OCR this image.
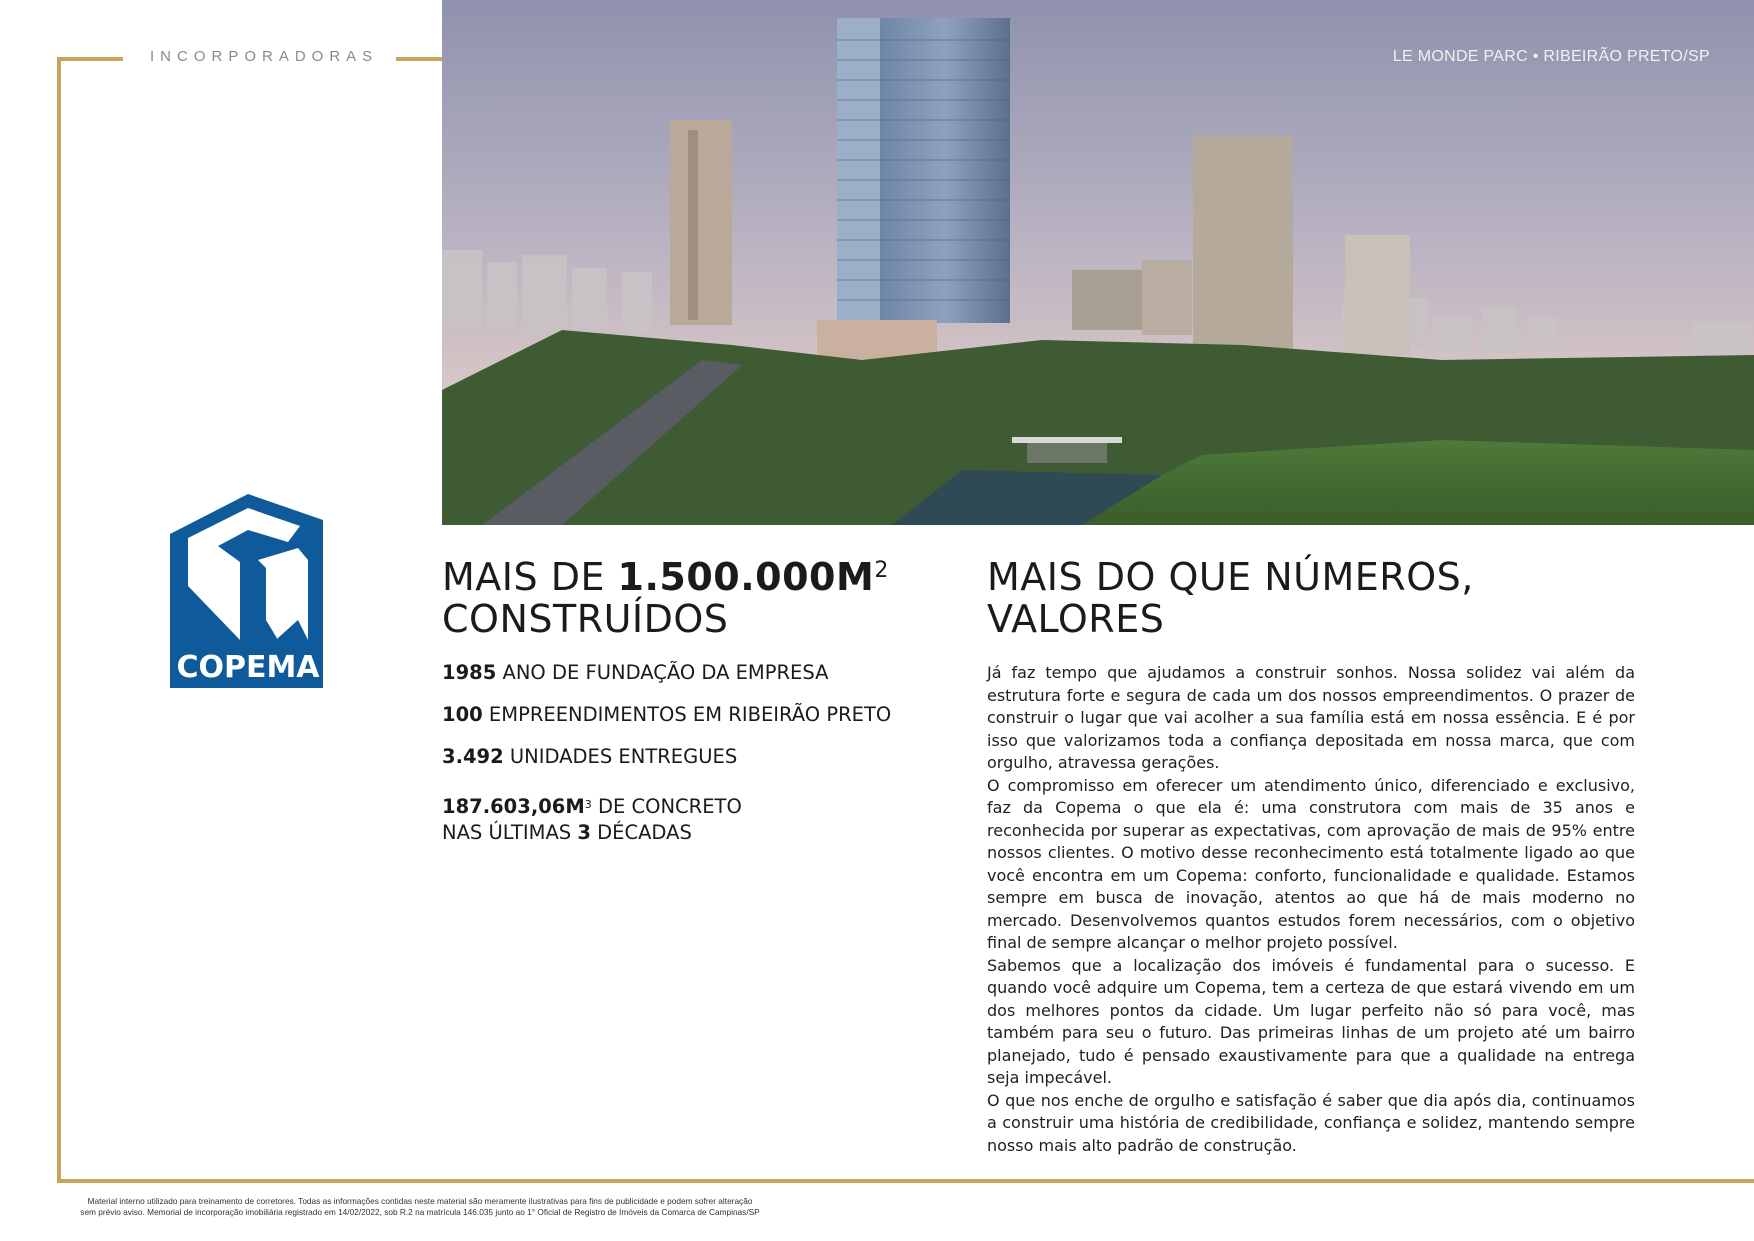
INCORPORADORAS	LE MONDE PARC • RIBEIRÃO PRETO/SP
COPEMA
MAIS DE $1.500.000M^2$
CONSTRUÍDOS

1985 ANO DE FUNDAÇÃO DA EMPRESA

100 EMPREENDIMENTOS EM RIBEIRÃO PRETO

3.492 UNIDADES ENTREGUES

$187.603,06M^3$ DE CONCRETO
NAS ÚLTIMAS 3 DÉCADAS

MAIS DO QUE NÚMEROS,
VALORES

Já faz tempo que ajudamos a construir sonhos. Nossa solidez vai além da estrutura forte e segura de cada um dos nossos empreendimentos. O prazer de construir o lugar que vai acolher a sua família está em nossa essência. E é por isso que valorizamos toda a confiança depositada em nossa marca, que com orgulho, atravessa gerações.

O compromisso em oferecer um atendimento único, diferenciado e exclusivo, faz da Copema o que ela é: uma construtora com mais de 35 anos e reconhecida por superar as expectativas, com aprovação de mais de 95% entre nossos clientes. O motivo desse reconhecimento está totalmente ligado ao que você encontra em um Copema: conforto, funcionalidade e qualidade. Estamos sempre em busca de inovação, atentos ao que há de mais moderno no mercado. Desenvolvemos quantos estudos forem necessários, com o objetivo final de sempre alcançar o melhor projeto possível.

Sabemos que a localização dos imóveis é fundamental para o sucesso. E quando você adquire um Copema, tem a certeza de que estará vivendo em um dos melhores pontos da cidade. Um lugar perfeito não só para você, mas também para seu o futuro. Das primeiras linhas de um projeto até um bairro planejado, tudo é pensado exaustivamente para que a qualidade na entrega seja impecável.

O que nos enche de orgulho e satisfação é saber que dia após dia, continuamos a construir uma história de credibilidade, confiança e solidez, mantendo sempre nosso mais alto padrão de construção.

Material interno utilizado para treinamento de corretores. Todas as informações contidas neste material são meramente ilustrativas para fins de publicidade e podem sofrer alteração
sem prévio aviso. Memorial de incorporação imobiliária registrado em 14/02/2022, sob R.2 na matrícula 146.035 junto ao 1° Oficial de Registro de Imóveis da Comarca de Campinas/SP
